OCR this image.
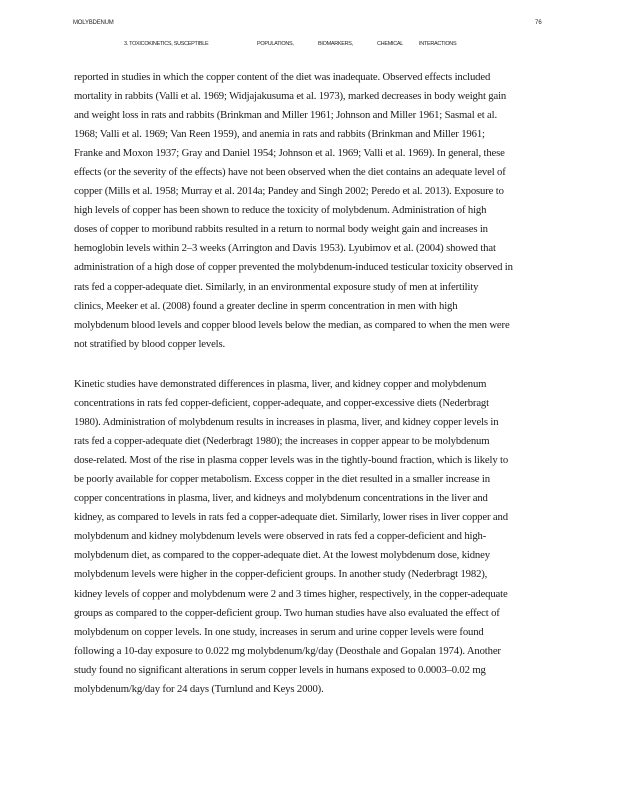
MOLYBDENUM	76
3. TOXICOKINETICS, SUSCEPTIBLE	POPULATIONS,	BIOMARKERS,	CHEMICAL	INTERACTIONS
reported in studies in which the copper content of the diet was inadequate. Observed effects included
mortality in rabbits (Valli et al. 1969; Widjajakusuma et al. 1973), marked decreases in body weight gain
and weight loss in rats and rabbits (Brinkman and Miller 1961; Johnson and Miller 1961; Sasmal et al.
1968; Valli et al. 1969; Van Reen 1959), and anemia in rats and rabbits (Brinkman and Miller 1961;
Franke and Moxon 1937; Gray and Daniel 1954; Johnson et al. 1969; Valli et al. 1969). In general, these
effects (or the severity of the effects) have not been observed when the diet contains an adequate level of
copper (Mills et al. 1958; Murray et al. 2014a; Pandey and Singh 2002; Peredo et al. 2013). Exposure to
high levels of copper has been shown to reduce the toxicity of molybdenum. Administration of high
doses of copper to moribund rabbits resulted in a return to normal body weight gain and increases in
hemoglobin levels within 2–3 weeks (Arrington and Davis 1953). Lyubimov et al. (2004) showed that
administration of a high dose of copper prevented the molybdenum-induced testicular toxicity observed in
rats fed a copper-adequate diet. Similarly, in an environmental exposure study of men at infertility
clinics, Meeker et al. (2008) found a greater decline in sperm concentration in men with high
molybdenum blood levels and copper blood levels below the median, as compared to when the men were
not stratified by blood copper levels.
Kinetic studies have demonstrated differences in plasma, liver, and kidney copper and molybdenum
concentrations in rats fed copper-deficient, copper-adequate, and copper-excessive diets (Nederbragt
1980). Administration of molybdenum results in increases in plasma, liver, and kidney copper levels in
rats fed a copper-adequate diet (Nederbragt 1980); the increases in copper appear to be molybdenum
dose-related. Most of the rise in plasma copper levels was in the tightly-bound fraction, which is likely to
be poorly available for copper metabolism. Excess copper in the diet resulted in a smaller increase in
copper concentrations in plasma, liver, and kidneys and molybdenum concentrations in the liver and
kidney, as compared to levels in rats fed a copper-adequate diet. Similarly, lower rises in liver copper and
molybdenum and kidney molybdenum levels were observed in rats fed a copper-deficient and high-
molybdenum diet, as compared to the copper-adequate diet. At the lowest molybdenum dose, kidney
molybdenum levels were higher in the copper-deficient groups. In another study (Nederbragt 1982),
kidney levels of copper and molybdenum were 2 and 3 times higher, respectively, in the copper-adequate
groups as compared to the copper-deficient group. Two human studies have also evaluated the effect of
molybdenum on copper levels. In one study, increases in serum and urine copper levels were found
following a 10-day exposure to 0.022 mg molybdenum/kg/day (Deosthale and Gopalan 1974). Another
study found no significant alterations in serum copper levels in humans exposed to 0.0003–0.02 mg
molybdenum/kg/day for 24 days (Turnlund and Keys 2000).
